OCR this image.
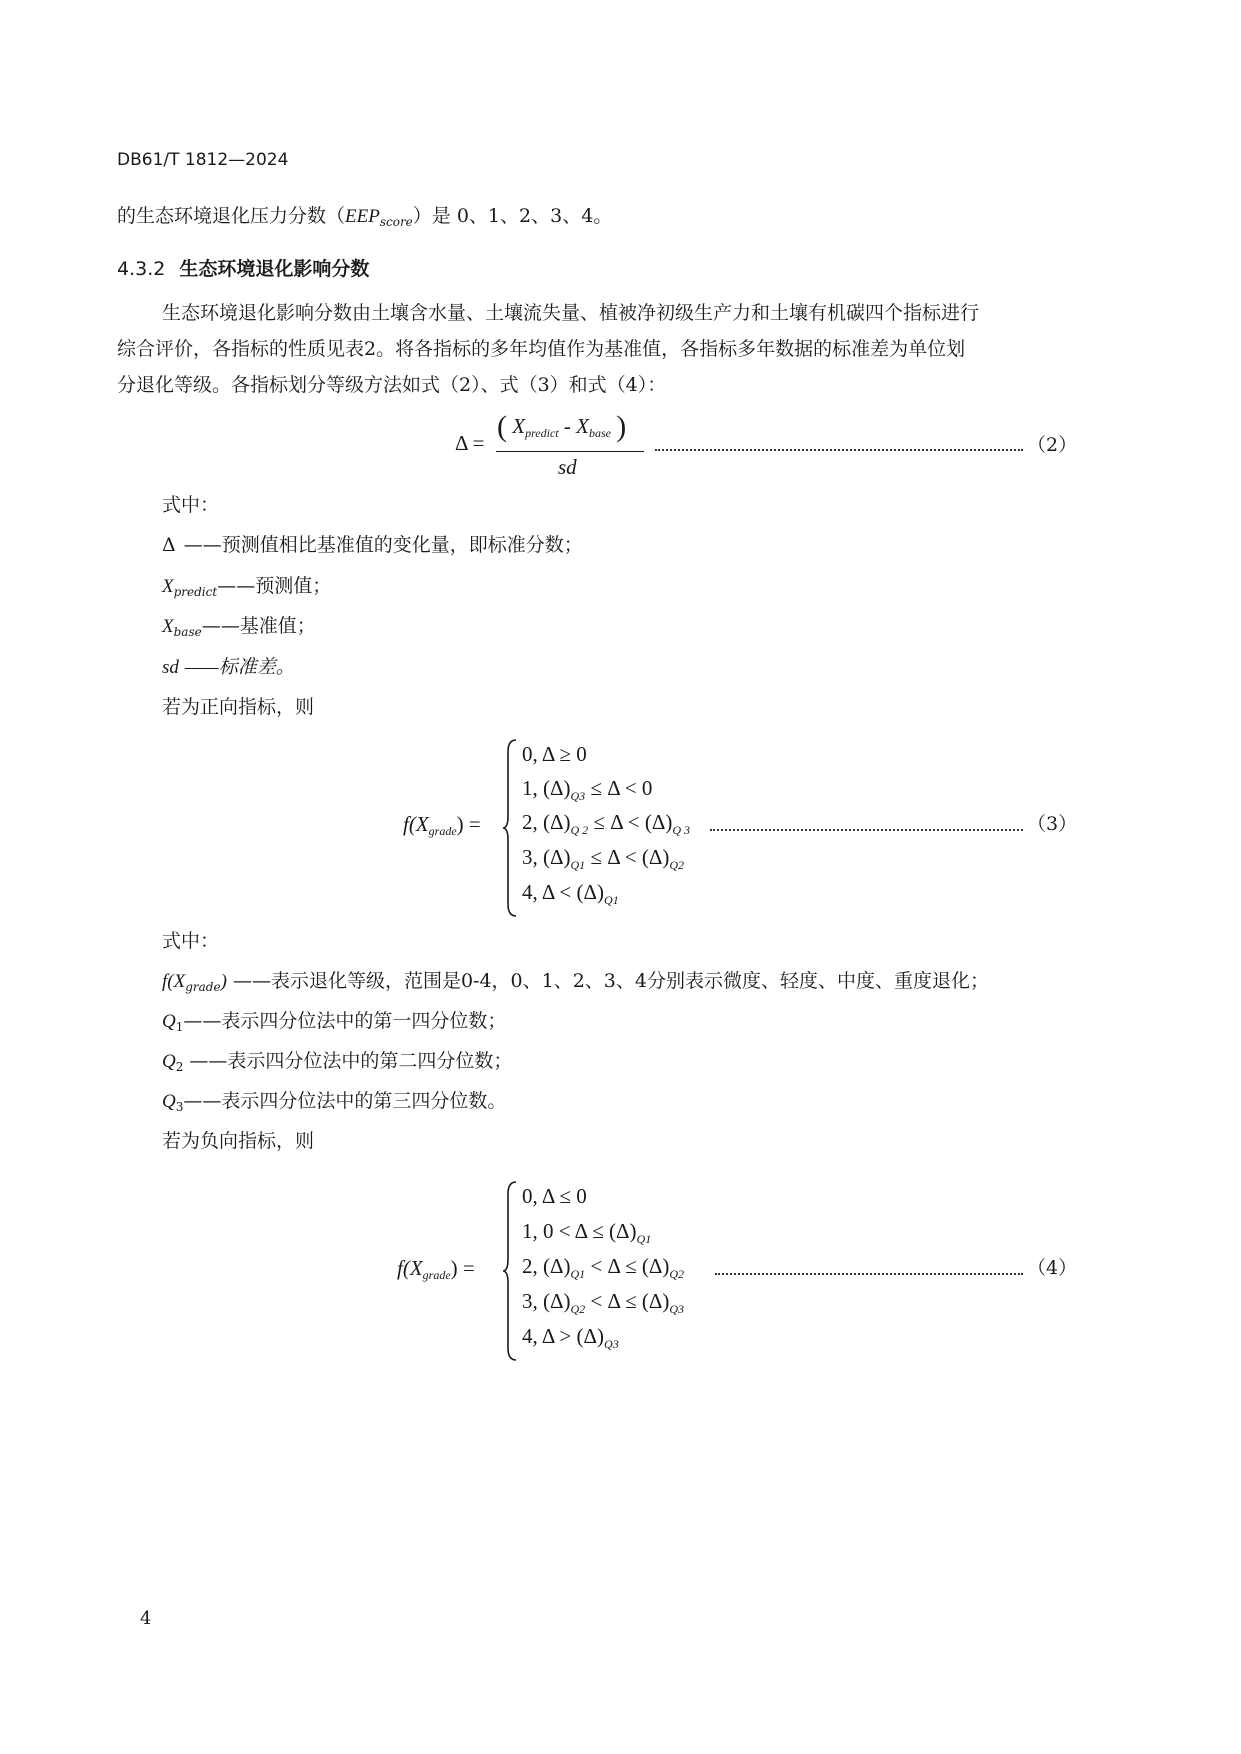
DB61/T 1812—2024
的生态环境退化压力分数$(EEP_{score})$是 0、1、2、3、4。
4.3.2 生态环境退化影响分数
生态环境退化影响分数由土壤含水量、土壤流失量、植被净初级生产力和土壤有机碳四个指标进行
综合评价，各指标的性质见表2。将各指标的多年均值作为基准值，各指标多年数据的标准差为单位划
分退化等级。各指标划分等级方法如式（2）、式（3）和式（4）：
Δ = ( $X_{predict} - X_{base}$ )
sd
（2）
式中：
Δ ——预测值相比基准值的变化量，即标准分数；
$X_{predict}——$预测值；
$X_{base}——$基准值；
sd ——标准差。
若为正向指标，则
$f(X_{grade})$ =
0, Δ ≥ 0
1, $(\Delta)_{Q3} \le \Delta < 0$
2, $(\Delta)_{Q 2} \le \Delta < (\Delta)_{Q 3}$
3, $(\Delta)_{Q1} \le \Delta < (\Delta)_{Q2}$
4, $\Delta < (\Delta)_{Q1}$
（3）
式中：
$f(X_{grade})$ ——表示退化等级，范围是0-4，0、1、2、3、4分别表示微度、轻度、中度、重度退化；
$Q_1——$表示四分位法中的第一四分位数；
$Q_2$ ——表示四分位法中的第二四分位数；
$Q_3——$表示四分位法中的第三四分位数。
若为负向指标，则
$f(X_{grade})$ =
0, Δ ≤ 0
1, $0 < \Delta \le (\Delta)_{Q1}$
2, $(\Delta)_{Q1} < \Delta \le (\Delta)_{Q2}$
3, $(\Delta)_{Q2} < \Delta \le (\Delta)_{Q3}$
4, $\Delta > (\Delta)_{Q3}$
（4）
4
